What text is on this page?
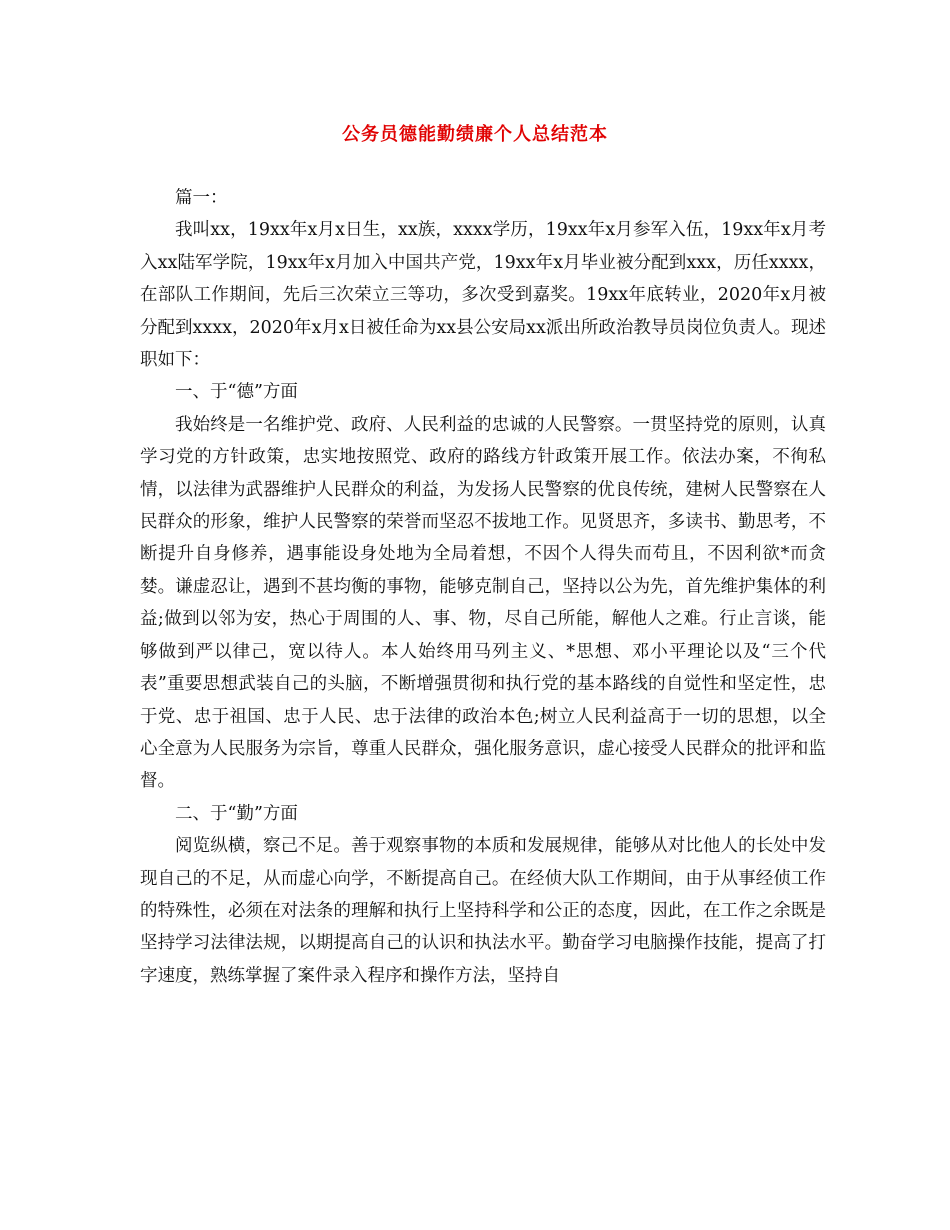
公务员德能勤绩廉个人总结范本

篇一：

我叫xx，19xx年x月x日生，xx族，xxxx学历，19xx年x月参军入伍，19xx年x月考入xx陆军学院，19xx年x月加入中国共产党，19xx年x月毕业被分配到xxx，历任xxxx，在部队工作期间，先后三次荣立三等功，多次受到嘉奖。19xx年底转业，2020年x月被分配到xxxx，2020年x月x日被任命为xx县公安局xx派出所政治教导员岗位负责人。现述职如下：

一、于“德”方面

我始终是一名维护党、政府、人民利益的忠诚的人民警察。一贯坚持党的原则，认真学习党的方针政策，忠实地按照党、政府的路线方针政策开展工作。依法办案，不徇私情，以法律为武器维护人民群众的利益，为发扬人民警察的优良传统，建树人民警察在人民群众的形象，维护人民警察的荣誉而坚忍不拔地工作。见贤思齐，多读书、勤思考，不断提升自身修养，遇事能设身处地为全局着想，不因个人得失而苟且，不因利欲*而贪婪。谦虚忍让，遇到不甚均衡的事物，能够克制自己，坚持以公为先，首先维护集体的利益;做到以邻为安，热心于周围的人、事、物，尽自己所能，解他人之难。行止言谈，能够做到严以律己，宽以待人。本人始终用马列主义、*思想、邓小平理论以及“三个代表”重要思想武装自己的头脑，不断增强贯彻和执行党的基本路线的自觉性和坚定性，忠于党、忠于祖国、忠于人民、忠于法律的政治本色;树立人民利益高于一切的思想，以全心全意为人民服务为宗旨，尊重人民群众，强化服务意识，虚心接受人民群众的批评和监督。

二、于“勤”方面

阅览纵横，察己不足。善于观察事物的本质和发展规律，能够从对比他人的长处中发现自己的不足，从而虚心向学，不断提高自己。在经侦大队工作期间，由于从事经侦工作的特殊性，必须在对法条的理解和执行上坚持科学和公正的态度，因此，在工作之余既是坚持学习法律法规，以期提高自己的认识和执法水平。勤奋学习电脑操作技能，提高了打字速度，熟练掌握了案件录入程序和操作方法，坚持自
